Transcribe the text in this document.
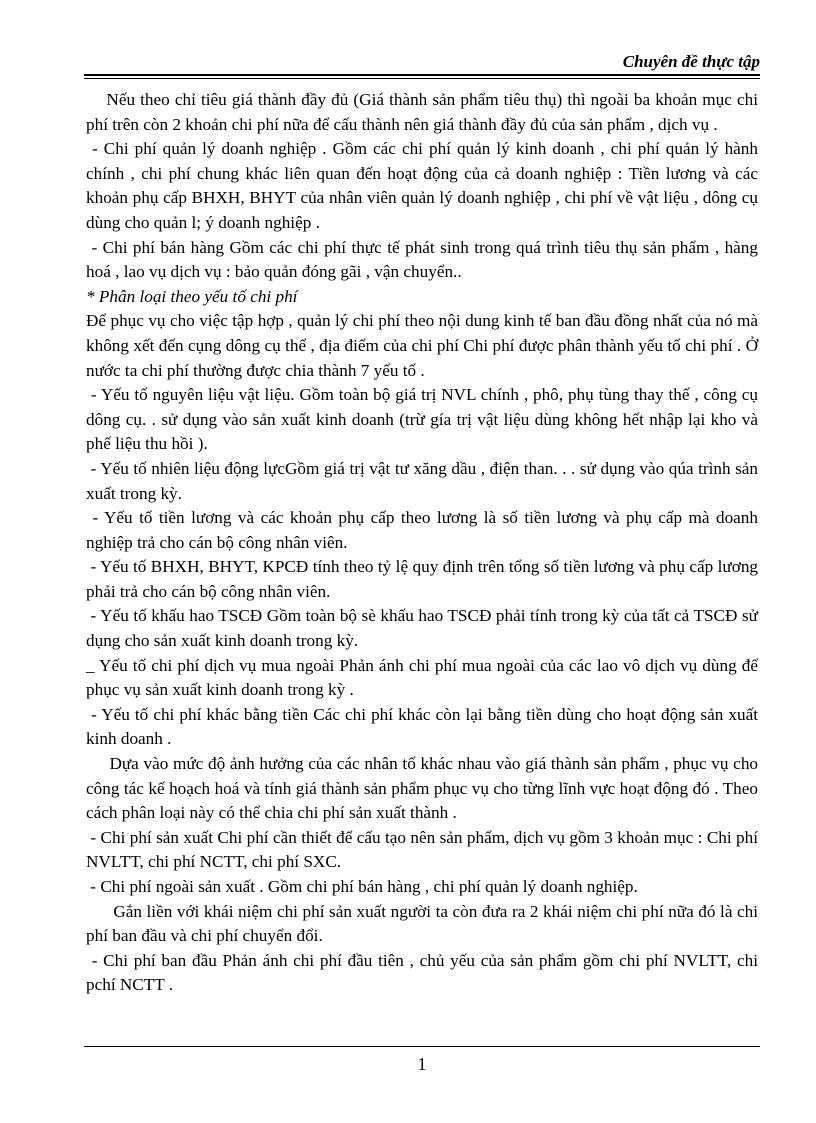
Chuyên đề thực tập

Nếu theo chỉ tiêu giá thành đầy đủ (Giá thành sản phẩm tiêu thụ) thì ngoài ba khoản mục chi phí trên còn 2 khoản chi phí nữa để cấu thành nên giá thành đầy đủ của sản phẩm , dịch vụ .

- Chi phí quản lý doanh nghiệp . Gồm các chi phí quản lý kinh doanh , chi phí quản lý hành chính , chi phí chung khác liên quan đến hoạt động của cả doanh nghiệp : Tiền lương và các khoản phụ cấp BHXH, BHYT của nhân viên quản lý doanh nghiệp , chi phí về vật liệu , dông cụ dùng cho quản l; ý doanh nghiệp .

- Chi phí bán hàng Gồm các chi phí thực tế phát sinh trong quá trình tiêu thụ sản phẩm , hàng hoá , lao vụ dịch vụ : bảo quản đóng gãi , vận chuyển..

* Phân loại theo yếu tố chi phí

Để phục vụ cho việc tập hợp , quản lý chi phí theo nội dung kinh tế ban đầu đồng nhất của nó mà không xết đến cụng dông cụ thể , địa điểm của chi phí Chi phí được phân thành yếu tố chi phí . Ở nước ta chi phí thường được chia thành 7 yếu tố .

- Yếu tố nguyên liệu vật liệu. Gồm toàn bộ giá trị NVL chính , phô, phụ tùng thay thế , công cụ dông cụ. . sử dụng vào sản xuất kinh doanh (trừ gía trị vật liệu dùng không hết nhập lại kho và phế liệu thu hồi ).

- Yếu tố nhiên liệu động lựcGồm giá trị vật tư xăng dầu , điện than. . . sử dụng vào qúa trình sản xuất trong kỳ.

- Yếu tố tiền lương và các khoản phụ cấp theo lương là số tiền lương và phụ cấp mà doanh nghiệp trả cho cán bộ công nhân viên.

- Yếu tố BHXH, BHYT, KPCĐ tính theo tỷ lệ quy định trên tổng số tiền lương và phụ cấp lương phải trả cho cán bộ công nhân viên.

- Yếu tố khấu hao TSCĐ Gồm toàn bộ sè khấu hao TSCĐ phải tính trong kỳ của tất cả TSCĐ sử dụng cho sản xuất kinh doanh trong kỳ.

_ Yếu tố chi phí dịch vụ mua ngoài Phản ánh chi phí mua ngoài của các lao vô dịch vụ dùng để phục vụ sản xuất kinh doanh trong kỳ .

- Yếu tố chi phí khác bằng tiền Các chi phí khác còn lại bằng tiền dùng cho hoạt động sản xuất kinh doanh .

Dựa vào mức độ ảnh hưởng của các nhân tố khác nhau vào giá thành sản phẩm , phục vụ cho công tác kế hoạch hoá và tính giá thành sản phẩm phục vụ cho từng lĩnh vực hoạt động đó . Theo cách phân loại này có thể chia chi phí sản xuất thành .

- Chi phí sản xuất Chi phí cần thiết để cấu tạo nên sản phẩm, dịch vụ gồm 3 khoản mục : Chi phí NVLTT, chi phí NCTT, chi phí SXC.

- Chi phí ngoài sản xuất . Gồm chi phí bán hàng , chi phí quản lý doanh nghiệp.

Gắn liền với khái niệm chi phí sản xuất người ta còn đưa ra 2 khái niệm chi phí nữa đó là chi phí ban đầu và chi phí chuyển đổi.

- Chi phí ban đầu Phản ánh chi phí đầu tiên , chủ yếu của sản phẩm gồm chi phí NVLTT, chi pchí NCTT .

1
